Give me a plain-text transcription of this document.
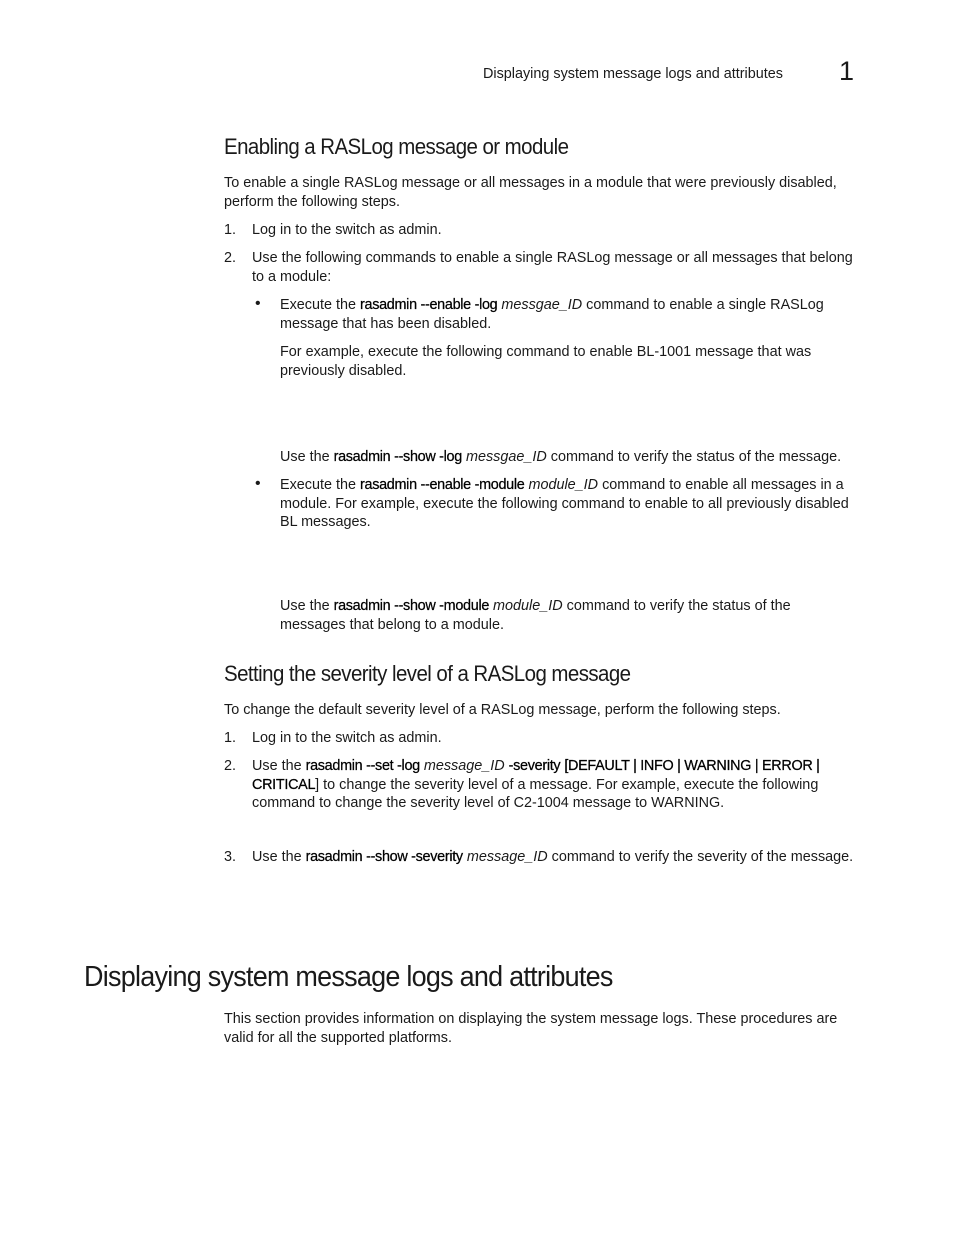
Displaying system message logs and attributes 1
Enabling a RASLog message or module
To enable a single RASLog message or all messages in a module that were previously disabled,
perform the following steps.
1. Log in to the switch as admin.
2. Use the following commands to enable a single RASLog message or all messages that belong
to a module:
• Execute the rasadmin --enable -log messgae_ID command to enable a single RASLog
message that has been disabled.
For example, execute the following command to enable BL-1001 message that was
previously disabled.
Use the rasadmin --show -log messgae_ID command to verify the status of the message.
• Execute the rasadmin --enable -module module_ID command to enable all messages in a
module. For example, execute the following command to enable to all previously disabled
BL messages.
Use the rasadmin --show -module module_ID command to verify the status of the
messages that belong to a module.
Setting the severity level of a RASLog message
To change the default severity level of a RASLog message, perform the following steps.
1. Log in to the switch as admin.
2. Use the rasadmin --set -log message_ID -severity [DEFAULT | INFO | WARNING | ERROR |
CRITICAL] to change the severity level of a message. For example, execute the following
command to change the severity level of C2-1004 message to WARNING.
3. Use the rasadmin --show -severity message_ID command to verify the severity of the message.
Displaying system message logs and attributes
This section provides information on displaying the system message logs. These procedures are
valid for all the supported platforms.
